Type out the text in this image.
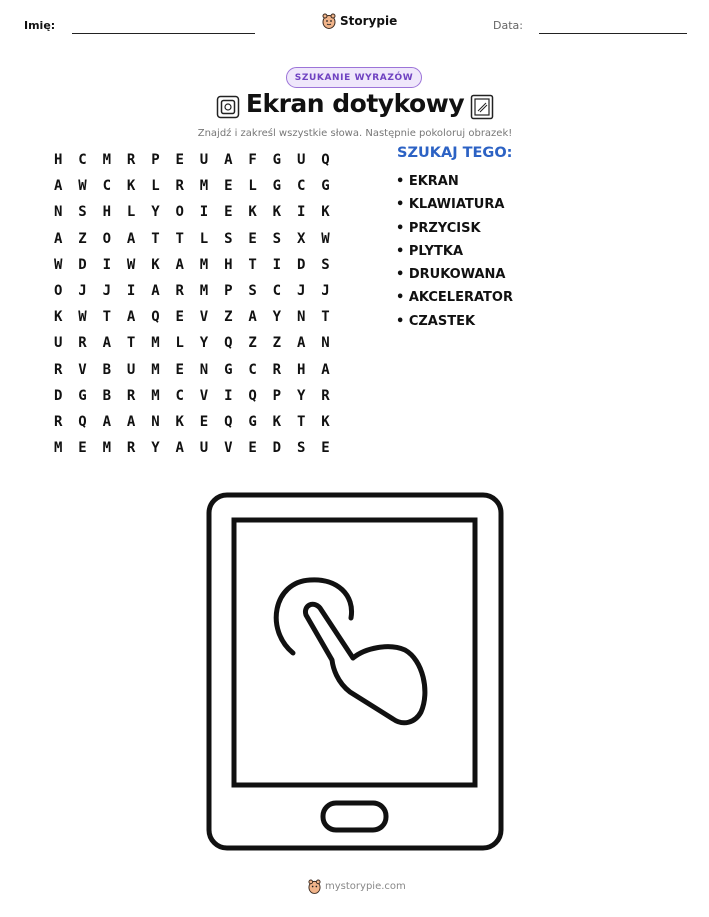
Imię:	Storypie	Data:
SZUKANIE WYRAZÓW
Ekran dotykowy
Znajdź i zakreśl wszystkie słowa. Następnie pokoloruj obrazek!
H	C	M	R	P	E	U	A	F	G	U	Q
A	W	C	K	L	R	M	E	L	G	C	G
N	S	H	L	Y	O	I	E	K	K	I	K
A	Z	O	A	T	T	L	S	E	S	X	W
W	D	I	W	K	A	M	H	T	I	D	S
O	J	J	I	A	R	M	P	S	C	J	J
K	W	T	A	Q	E	V	Z	A	Y	N	T
U	R	A	T	M	L	Y	Q	Z	Z	A	N
R	V	B	U	M	E	N	G	C	R	H	A
D	G	B	R	M	C	V	I	Q	P	Y	R
R	Q	A	A	N	K	E	Q	G	K	T	K
M	E	M	R	Y	A	U	V	E	D	S	E
SZUKAJ TEGO:
• EKRAN
• KLAWIATURA
• PRZYCISK
• PLYTKA
• DRUKOWANA
• AKCELERATOR
• CZASTEK
mystorypie.com
